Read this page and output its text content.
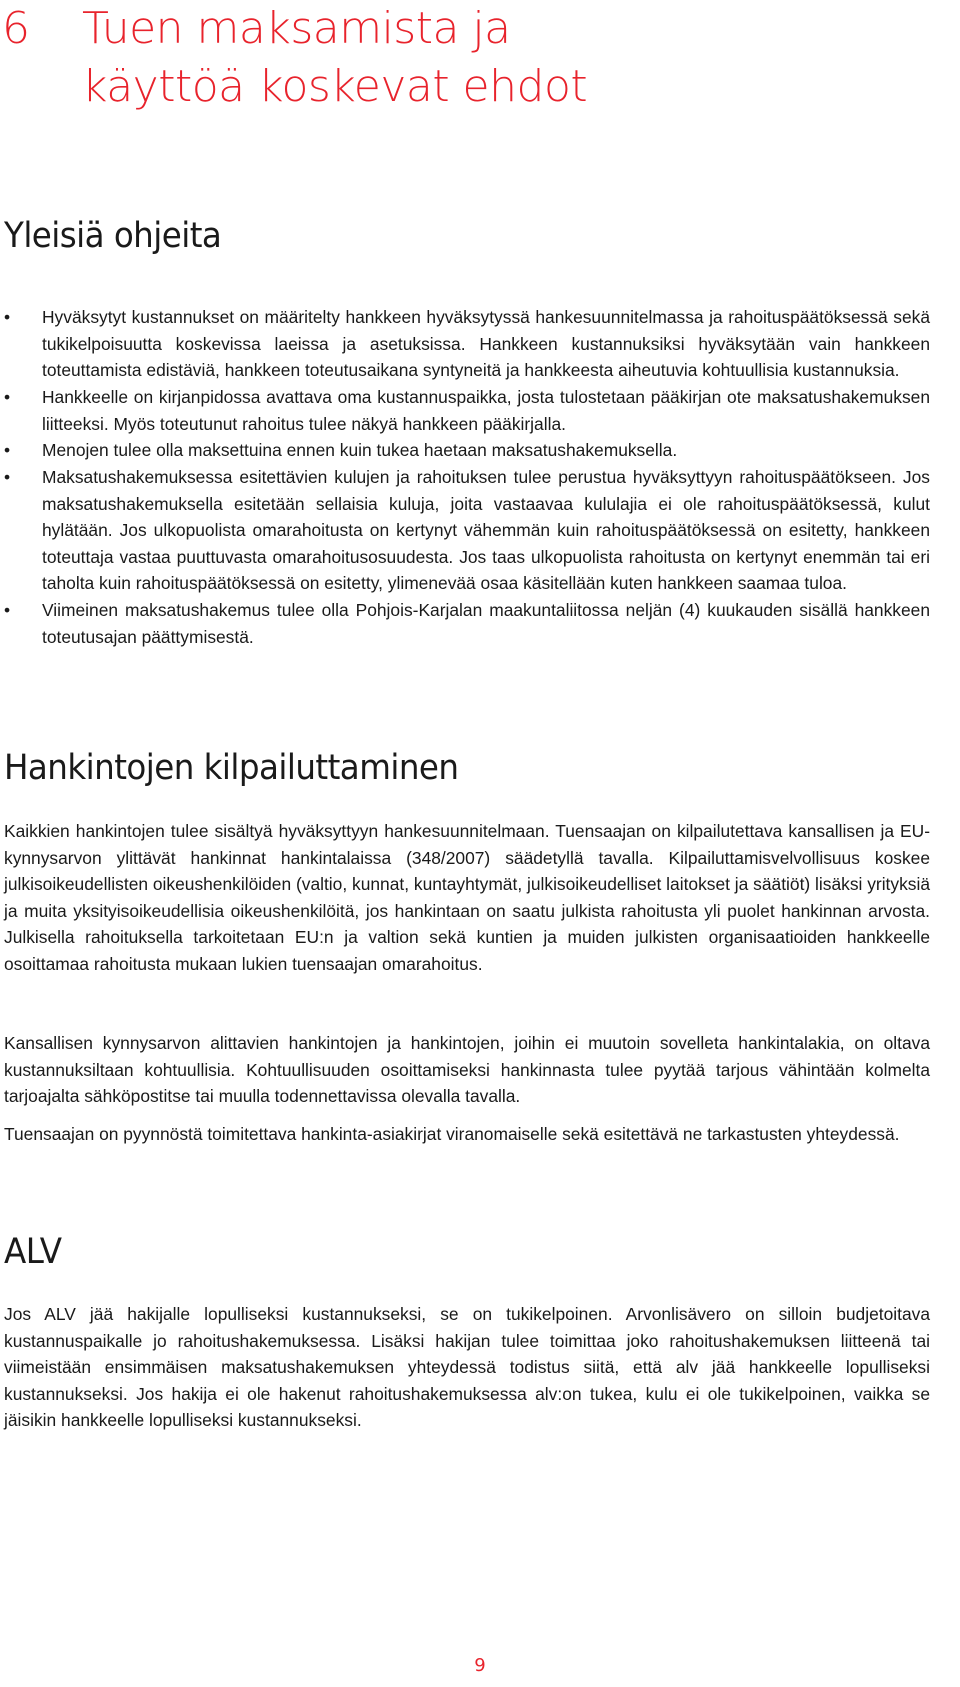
6 Tuen maksamista ja
käyttöä koskevat ehdot
Yleisiä ohjeita
• Hyväksytyt kustannukset on määritelty hankkeen hyväksytyssä hankesuunnitelmassa ja rahoituspäätöksessä sekä tukikelpoisuutta koskevissa laeissa ja asetuksissa. Hankkeen kustannuksiksi hyväksytään vain hankkeen toteuttamista edistäviä, hankkeen toteutusaikana syntyneitä ja hankkeesta aiheutuvia kohtuullisia kustannuksia.
• Hankkeelle on kirjanpidossa avattava oma kustannuspaikka, josta tulostetaan pääkirjan ote maksatushakemuksen liitteeksi. Myös toteutunut rahoitus tulee näkyä hankkeen pääkirjalla.
• Menojen tulee olla maksettuina ennen kuin tukea haetaan maksatushakemuksella.
• Maksatushakemuksessa esitettävien kulujen ja rahoituksen tulee perustua hyväksyttyyn rahoituspäätökseen. Jos maksatushakemuksella esitetään sellaisia kuluja, joita vastaavaa kululajia ei ole rahoituspäätöksessä, kulut hylätään. Jos ulkopuolista omarahoitusta on kertynyt vähemmän kuin rahoituspäätöksessä on esitetty, hankkeen toteuttaja vastaa puuttuvasta omarahoitusosuudesta. Jos taas ulkopuolista rahoitusta on kertynyt enemmän tai eri taholta kuin rahoituspäätöksessä on esitetty, ylimenevää osaa käsitellään kuten hankkeen saamaa tuloa.
• Viimeinen maksatushakemus tulee olla Pohjois-Karjalan maakuntaliitossa neljän (4) kuukauden sisällä hankkeen toteutusajan päättymisestä.
Hankintojen kilpailuttaminen

Kaikkien hankintojen tulee sisältyä hyväksyttyyn hankesuunnitelmaan. Tuensaajan on kilpailutettava kansallisen ja EU-kynnysarvon ylittävät hankinnat hankintalaissa (348/2007) säädetyllä tavalla. Kilpailuttamisvelvollisuus koskee julkisoikeudellisten oikeushenkilöiden (valtio, kunnat, kuntayhtymät, julkisoikeudelliset laitokset ja säätiöt) lisäksi yrityksiä ja muita yksityisoikeudellisia oikeushenkilöitä, jos hankintaan on saatu julkista rahoitusta yli puolet hankinnan arvosta. Julkisella rahoituksella tarkoitetaan EU:n ja valtion sekä kuntien ja muiden julkisten organisaatioiden hankkeelle osoittamaa rahoitusta mukaan lukien tuensaajan omarahoitus.

Kansallisen kynnysarvon alittavien hankintojen ja hankintojen, joihin ei muutoin sovelleta hankintalakia, on oltava kustannuksiltaan kohtuullisia. Kohtuullisuuden osoittamiseksi hankinnasta tulee pyytää tarjous vähintään kolmelta tarjoajalta sähköpostitse tai muulla todennettavissa olevalla tavalla.

Tuensaajan on pyynnöstä toimitettava hankinta-asiakirjat viranomaiselle sekä esitettävä ne tarkastusten yhteydessä.

ALV

Jos ALV jää hakijalle lopulliseksi kustannukseksi, se on tukikelpoinen. Arvonlisävero on silloin budjetoitava kustannuspaikalle jo rahoitushakemuksessa. Lisäksi hakijan tulee toimittaa joko rahoitushakemuksen liitteenä tai viimeistään ensimmäisen maksatushakemuksen yhteydessä todistus siitä, että alv jää hankkeelle lopulliseksi kustannukseksi. Jos hakija ei ole hakenut rahoitushakemuksessa alv:on tukea, kulu ei ole tukikelpoinen, vaikka se jäisikin hankkeelle lopulliseksi kustannukseksi.

9
